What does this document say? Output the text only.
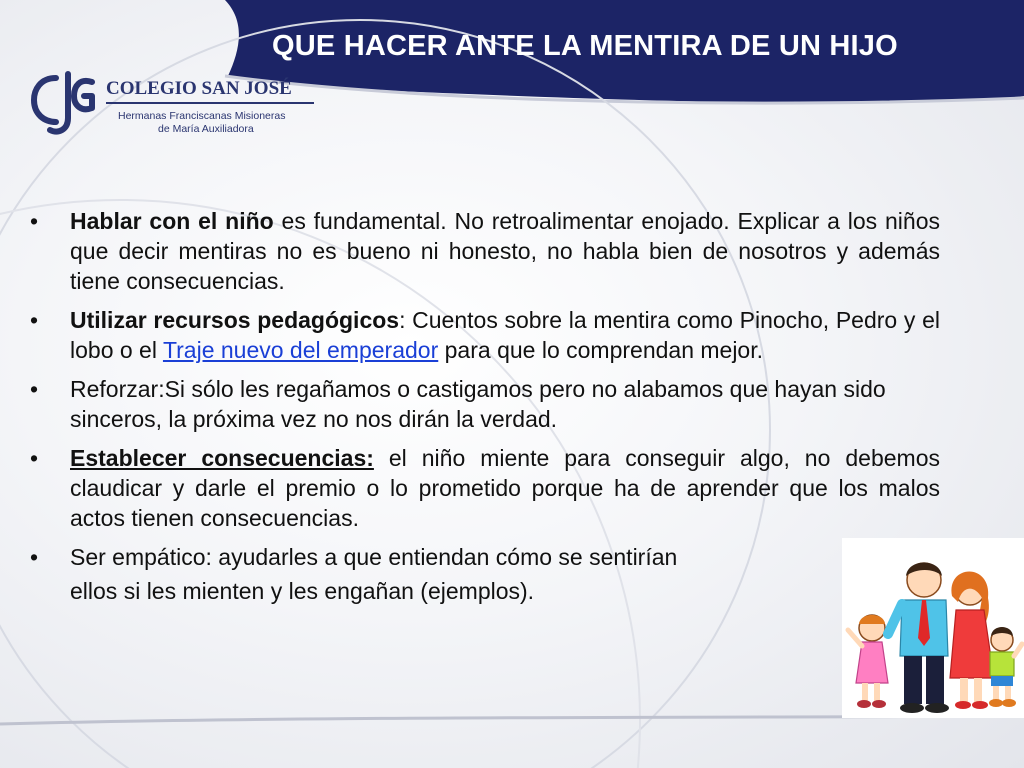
QUE HACER ANTE LA MENTIRA DE UN HIJO
COLEGIO SAN JOSÉ
Hermanas Franciscanas Misioneras
de María Auxiliadora
• Hablar con el niño es fundamental. No retroalimentar enojado. Explicar a los niños que decir mentiras no es bueno ni honesto, no habla bien de nosotros y además tiene consecuencias.
• Utilizar recursos pedagógicos: Cuentos sobre la mentira como Pinocho, Pedro y el lobo o el Traje nuevo del emperador para que lo comprendan mejor.
• Reforzar:Si sólo les regañamos o castigamos pero no alabamos que hayan sido sinceros, la próxima vez no nos dirán la verdad.
• Establecer consecuencias: el niño miente para conseguir algo, no debemos claudicar y darle el premio o lo prometido porque ha de aprender que los malos actos tienen consecuencias.
• Ser empático: ayudarles a que entiendan cómo se sentirían
ellos si les mienten y les engañan (ejemplos).
